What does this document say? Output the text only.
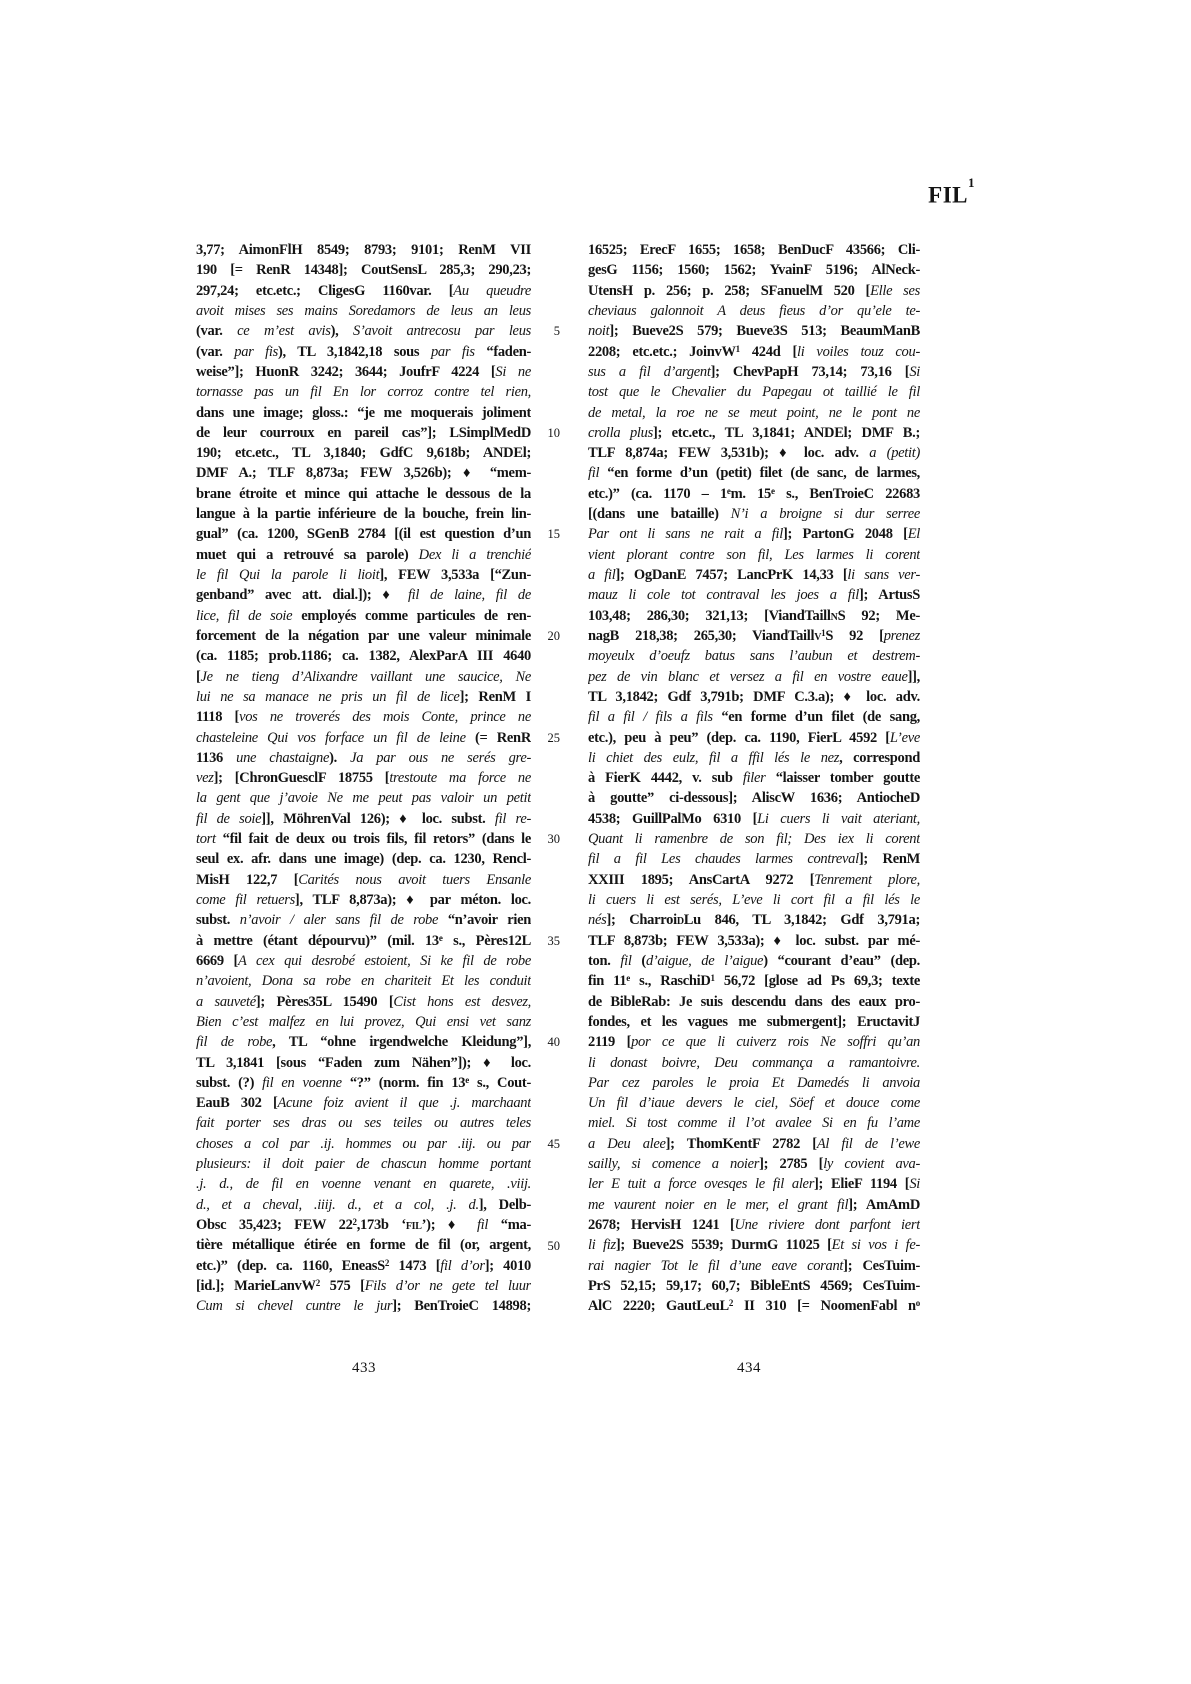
FIL$^1$
3,77; AimonFlH 8549; 8793; 9101; RenM VII
190 [= RenR 14348]; CoutSensL 285,3; 290,23;
297,24; etc.etc.; CligesG 1160var. [Au queudre
avoit mises ses mains Soredamors de leus an leus
(var. ce m’est avis), S’avoit antrecosu par leus
(var. par fis), TL 3,1842,18 sous par fis “faden-
weise”]; HuonR 3242; 3644; JoufrF 4224 [Si ne
tornasse pas un fil En lor corroz contre tel rien,
dans une image; gloss.: “je me moquerais joliment
de leur courroux en pareil cas”]; LSimplMedD
190; etc.etc., TL 3,1840; GdfC 9,618b; ANDEl;
DMF A.; TLF 8,873a; FEW 3,526b); ♦ “mem-
brane étroite et mince qui attache le dessous de la
langue à la partie inférieure de la bouche, frein lin-
gual” (ca. 1200, SGenB 2784 [(il est question d’un
muet qui a retrouvé sa parole) Dex li a trenchié
le fil Qui la parole li lioit], FEW 3,533a [“Zun-
genband” avec att. dial.]); ♦ fil de laine, fil de
lice, fil de soie employés comme particules de ren-
forcement de la négation par une valeur minimale
(ca. 1185; prob.1186; ca. 1382, AlexParA III 4640
[Je ne tieng d’Alixandre vaillant une saucice, Ne
lui ne sa manace ne pris un fil de lice]; RenM I
1118 [vos ne troverés des mois Conte, prince ne
chasteleine Qui vos forface un fil de leine (= RenR
1136 une chastaigne). Ja par ous ne serés gre-
vez]; [ChronGuesclF 18755 [trestoute ma force ne
la gent que j’avoie Ne me peut pas valoir un petit
fil de soie]], MöhrenVal 126); ♦ loc. subst. fil re-
tort “fil fait de deux ou trois fils, fil retors” (dans le
seul ex. afr. dans une image) (dep. ca. 1230, Rencl-
MisH 122,7 [Carités nous avoit tuers Ensanle
come fil retuers], TLF 8,873a); ♦ par méton. loc.
subst. n’avoir / aler sans fil de robe “n’avoir rien
à mettre (étant dépourvu)” (mil. 13e s., Pères12L
6669 [A cex qui desrobé estoient, Si ke fil de robe
n’avoient, Dona sa robe en chariteit Et les conduit
a sauveté]; Pères35L 15490 [Cist hons est desvez,
Bien c’est malfez en lui provez, Qui ensi vet sanz
fil de robe, TL “ohne irgendwelche Kleidung”],
TL 3,1841 [sous “Faden zum Nähen”]); ♦ loc.
subst. (?) fil en voenne “?” (norm. fin 13e s., Cout-
EauB 302 [Acune foiz avient il que .j. marchaant
fait porter ses dras ou ses teiles ou autres teles
choses a col par .ij. hommes ou par .iij. ou par
plusieurs: il doit paier de chascun homme portant
.j. d., de fil en voenne venant en quarete, .viij.
d., et a cheval, .iiij. d., et a col, .j. d.], Delb-
Obsc 35,423; FEW $22^2,173b$ ‘fil’); ♦ fil “ma-
tière métallique étirée en forme de fil (or, argent,
etc.)” (dep. ca. 1160, EneasS$^2$ 1473 [fil d’or]; 4010
[id.]; MarieLanvW$^2$ 575 [Fils d’or ne gete tel luur
Cum si chevel cuntre le jur]; BenTroieC 14898;
5
10
15
20
25
30
35
40
45
50
16525; ErecF 1655; 1658; BenDucF 43566; Cli-
gesG 1156; 1560; 1562; YvainF 5196; AlNeck-
UtensH p. 256; p. 258; SFanuelM 520 [Elle ses
cheviaus galonnoit A deus fieus d’or qu’ele te-
noit]; Bueve2S 579; Bueve3S 513; BeaumManB
2208; etc.etc.; JoinvW$^1$ 424d [li voiles touz cou-
sus a fil d’argent]; ChevPapH 73,14; 73,16 [Si
tost que le Chevalier du Papegau ot taillié le fil
de metal, la roe ne se meut point, ne le pont ne
crolla plus]; etc.etc., TL 3,1841; ANDEl; DMF B.;
TLF 8,874a; FEW 3,531b); ♦ loc. adv. a (petit)
fil “en forme d’un (petit) filet (de sanc, de larmes,
etc.)” (ca. 1170 – 1em. 15e s., BenTroieC 22683
[(dans une bataille) N’i a broigne si dur serree
Par ont li sans ne rait a fil]; PartonG 2048 [El
vient plorant contre son fil, Les larmes li corent
a fil]; OgDanE 7457; LancPrK 14,33 [li sans ver-
mauz li cole tot contraval les joes a fil]; ArtusS
103,48; 286,30; 321,13; [ViandTaillnS 92; Me-
nagB 218,38; 265,30; ViandTaillv$^1$S 92 [prenez
moyeulx d’oeufz batus sans l’aubun et destrem-
pez de vin blanc et versez a fil en vostre eaue]],
TL 3,1842; Gdf 3,791b; DMF C.3.a); ♦ loc. adv.
fil a fil / fils a fils “en forme d’un filet (de sang,
etc.), peu à peu” (dep. ca. 1190, FierL 4592 [L’eve
li chiet des eulz, fil a ffil lés le nez, correspond
à FierK 4442, v. sub filer “laisser tomber goutte
à goutte” ci-dessous]; AliscW 1636; AntiocheD
4538; GuillPalMo 6310 [Li cuers li vait ateriant,
Quant li ramenbre de son fil; Des iex li corent
fil a fil Les chaudes larmes contreval]; RenM
XXIII 1895; AnsCartA 9272 [Tenrement plore,
li cuers li est serés, L’eve li cort fil a fil lés le
nés]; CharroidLu 846, TL 3,1842; Gdf 3,791a;
TLF 8,873b; FEW 3,533a); ♦ loc. subst. par mé-
ton. fil (d’aigue, de l’aigue) “courant d’eau” (dep.
fin 11e s., RaschiD$^1$ 56,72 [glose ad Ps 69,3; texte
de BibleRab: Je suis descendu dans des eaux pro-
fondes, et les vagues me submergent]; EructavitJ
2119 [por ce que li cuiverz rois Ne soffri qu’an
li donast boivre, Deu commança a ramantoivre.
Par cez paroles le proia Et Damedés li anvoia
Un fil d’iaue devers le ciel, Söef et douce come
miel. Si tost comme il l’ot avalee Si en fu l’ame
a Deu alee]; ThomKentF 2782 [Al fil de l’ewe
sailly, si comence a noier]; 2785 [ly covient ava-
ler E tuit a force ovesqes le fil aler]; ElieF 1194 [Si
me vaurent noier en le mer, el grant fil]; AmAmD
2678; HervisH 1241 [Une riviere dont parfont iert
li fiz]; Bueve2S 5539; DurmG 11025 [Et si vos i fe-
rai nagier Tot le fil d’une eave corant]; CesTuim-
PrS 52,15; 59,17; 60,7; BibleEntS 4569; CesTuim-
AlC 2220; GautLeuL$^2$ II 310 [= NoomenFabl $n^o$
433	434
